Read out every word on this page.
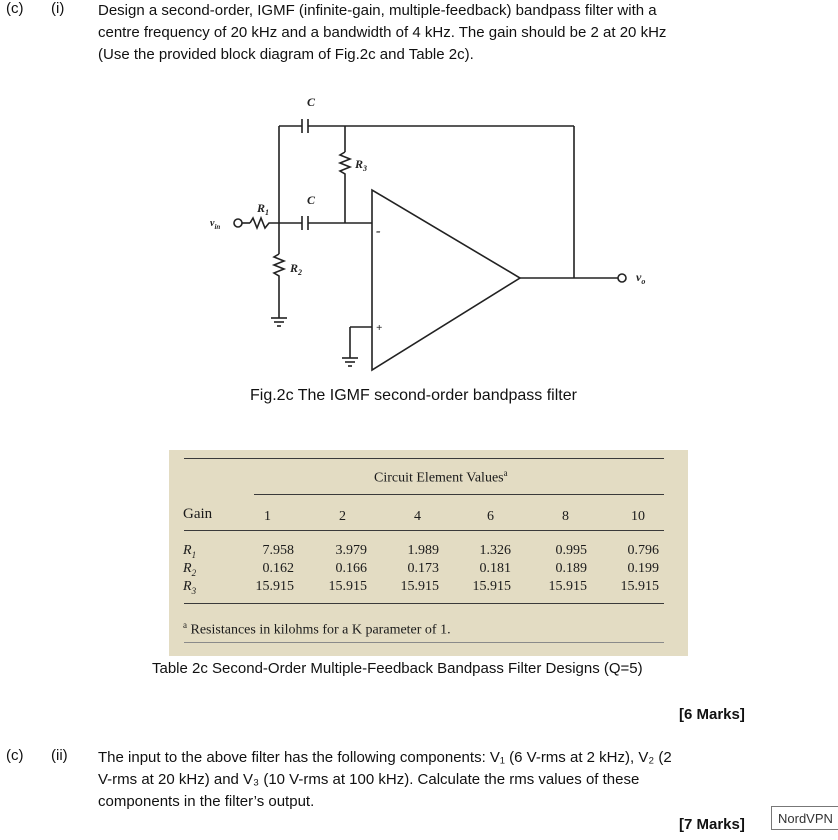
(c) (i) Design a second-order, IGMF (infinite-gain, multiple-feedback) bandpass filter with a
centre frequency of 20 kHz and a bandwidth of 4 kHz. The gain should be 2 at 20 kHz
(Use the provided block diagram of Fig.2c and Table 2c).
C
C
$R_1$
$R_2$
$R_3$
$v_{in}$
$v_o$
-
+
Fig.2c The IGMF second-order bandpass filter
Circuit Element Values$^a$
Gain	1	2	4	6	8	10
$R_1$	7.958	3.979	1.989	1.326	0.995	0.796
$R_2$	0.162	0.166	0.173	0.181	0.189	0.199
$R_3$	15.915	15.915	15.915	15.915	15.915	15.915
$^a$ Resistances in kilohms for a K parameter of 1.
Table 2c Second-Order Multiple-Feedback Bandpass Filter Designs (Q=5)
[6 Marks]
(c) (ii) The input to the above filter has the following components: V₁ (6 V-rms at 2 kHz), V₂ (2
V-rms at 20 kHz) and V₃ (10 V-rms at 100 kHz). Calculate the rms values of these
components in the filter’s output.
[7 Marks]	NordVPN
